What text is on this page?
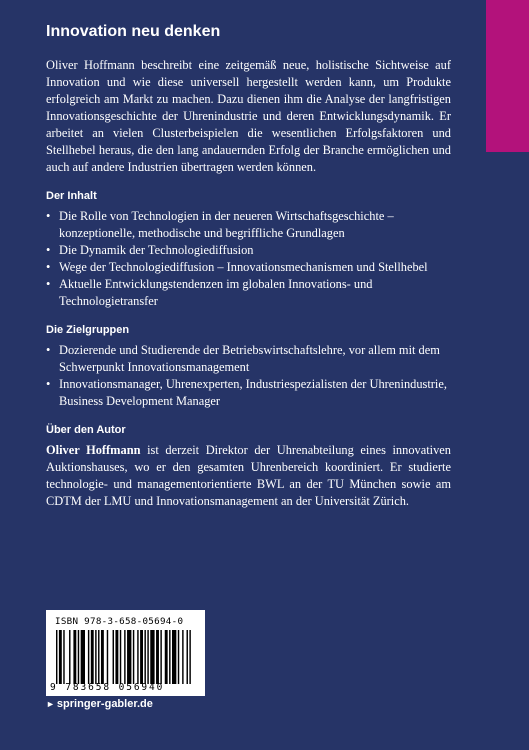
Innovation neu denken

Oliver Hoffmann beschreibt eine zeitgemäß neue, holistische Sichtweise auf Innovation und wie diese universell hergestellt werden kann, um Produkte erfolgreich am Markt zu machen. Dazu dienen ihm die Analyse der langfristigen Innovationsgeschichte der Uhrenindustrie und deren Entwicklungsdynamik. Er arbeitet an vielen Clusterbeispielen die wesentlichen Erfolgsfaktoren und Stellhebel heraus, die den lang andauernden Erfolg der Branche ermöglichen und auch auf andere Industrien übertragen werden können.

Der Inhalt
• Die Rolle von Technologien in der neueren Wirtschaftsgeschichte – konzeptionelle, methodische und begriffliche Grundlagen
• Die Dynamik der Technologiediffusion
• Wege der Technologiediffusion – Innovationsmechanismen und Stellhebel
• Aktuelle Entwicklungstendenzen im globalen Innovations- und Technologietransfer
Die Zielgruppen
• Dozierende und Studierende der Betriebswirtschaftslehre, vor allem mit dem Schwerpunkt Innovationsmanagement
• Innovationsmanager, Uhrenexperten, Industriespezialisten der Uhrenindustrie, Business Development Manager
Über den Autor

Oliver Hoffmann ist derzeit Direktor der Uhrenabteilung eines innovativen Auktionshauses, wo er den gesamten Uhrenbereich koordiniert. Er studierte technologie- und managementorientierte BWL an der TU München sowie am CDTM der LMU und Innovationsmanagement an der Universität Zürich.

ISBN 978-3-658-05694-0
9 783658 056940
► springer-gabler.de
